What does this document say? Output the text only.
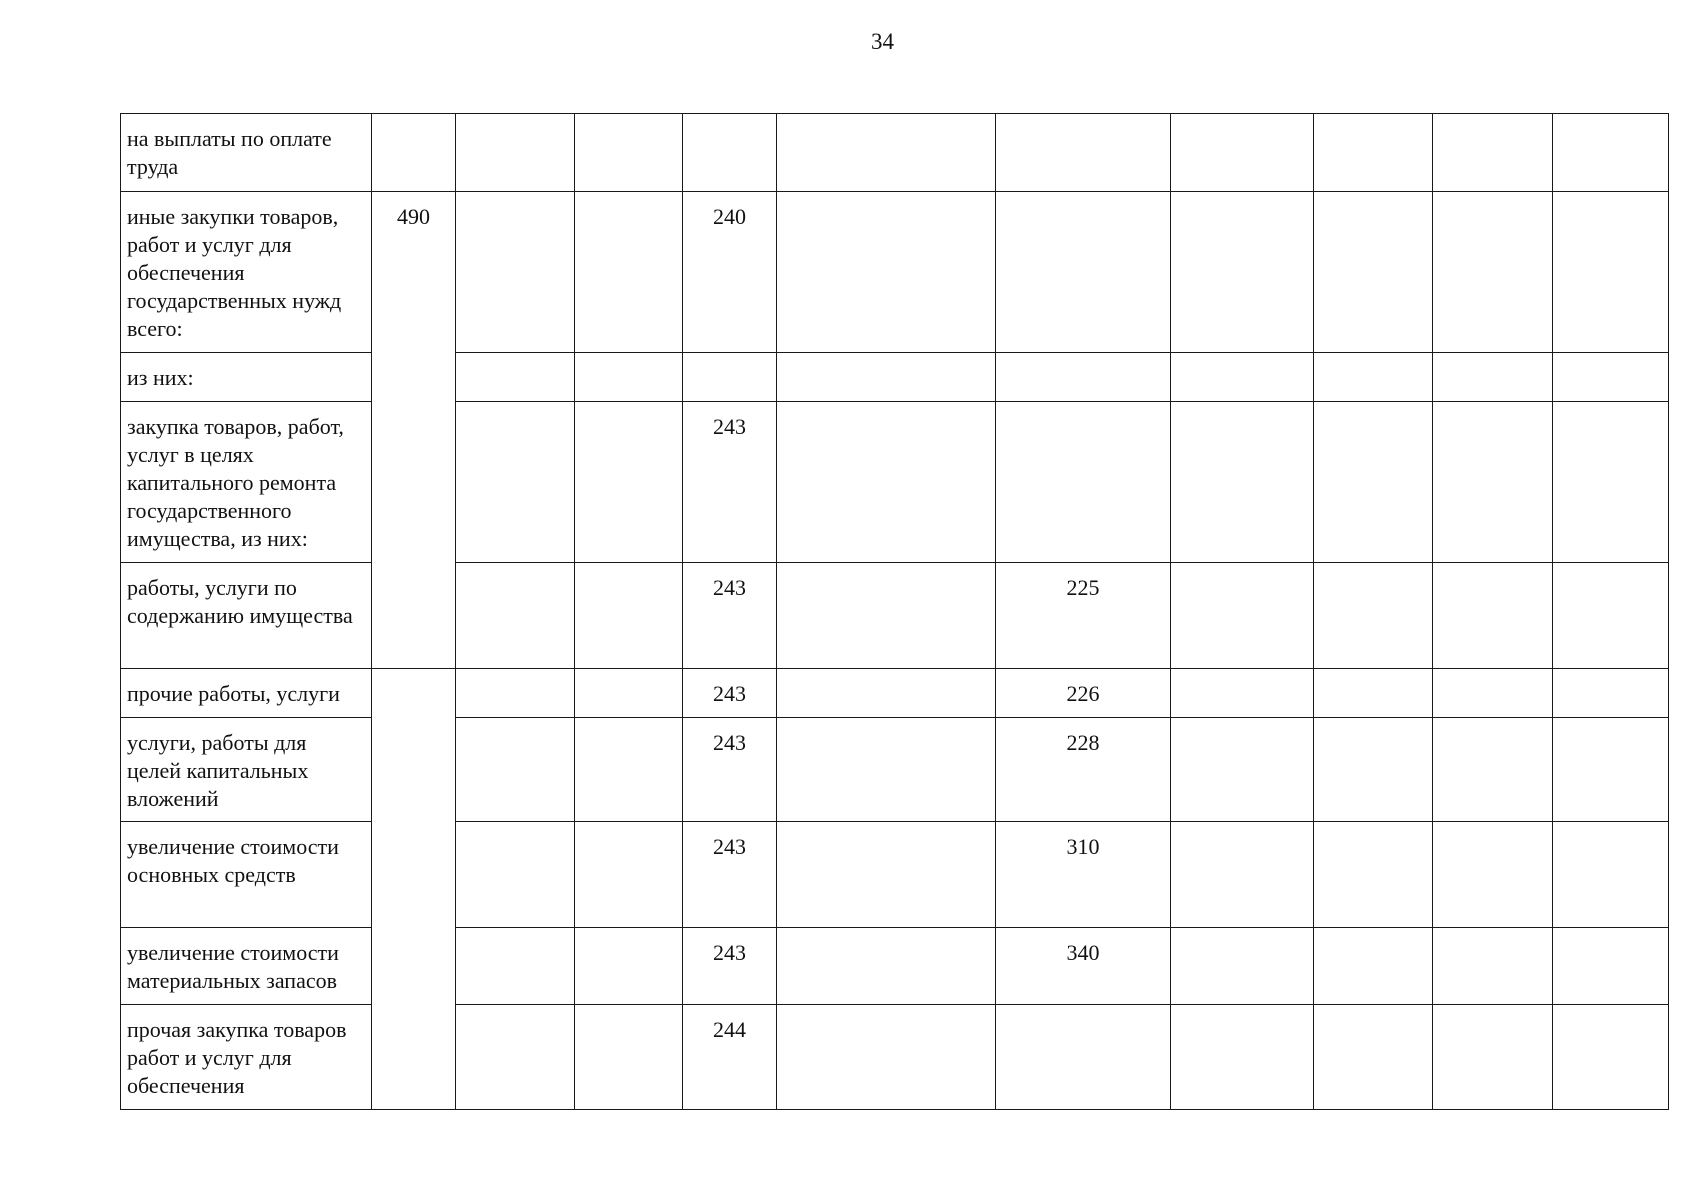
34
на выплаты по оплате труда										
иные закупки товаров, работ и услуг для обеспечения государственных нужд всего:	490			240						
из них:										
закупка товаров, работ, услуг в целях капитального ремонта государственного имущества, из них:				243						
работы, услуги по содержанию имущества				243		225				
прочие работы, услуги				243		226				
услуги, работы для целей капитальных вложений				243		228				
увеличение стоимости основных средств				243		310				
увеличение стоимости материальных запасов				243		340				
прочая закупка товаров работ и услуг для обеспечения				244						
